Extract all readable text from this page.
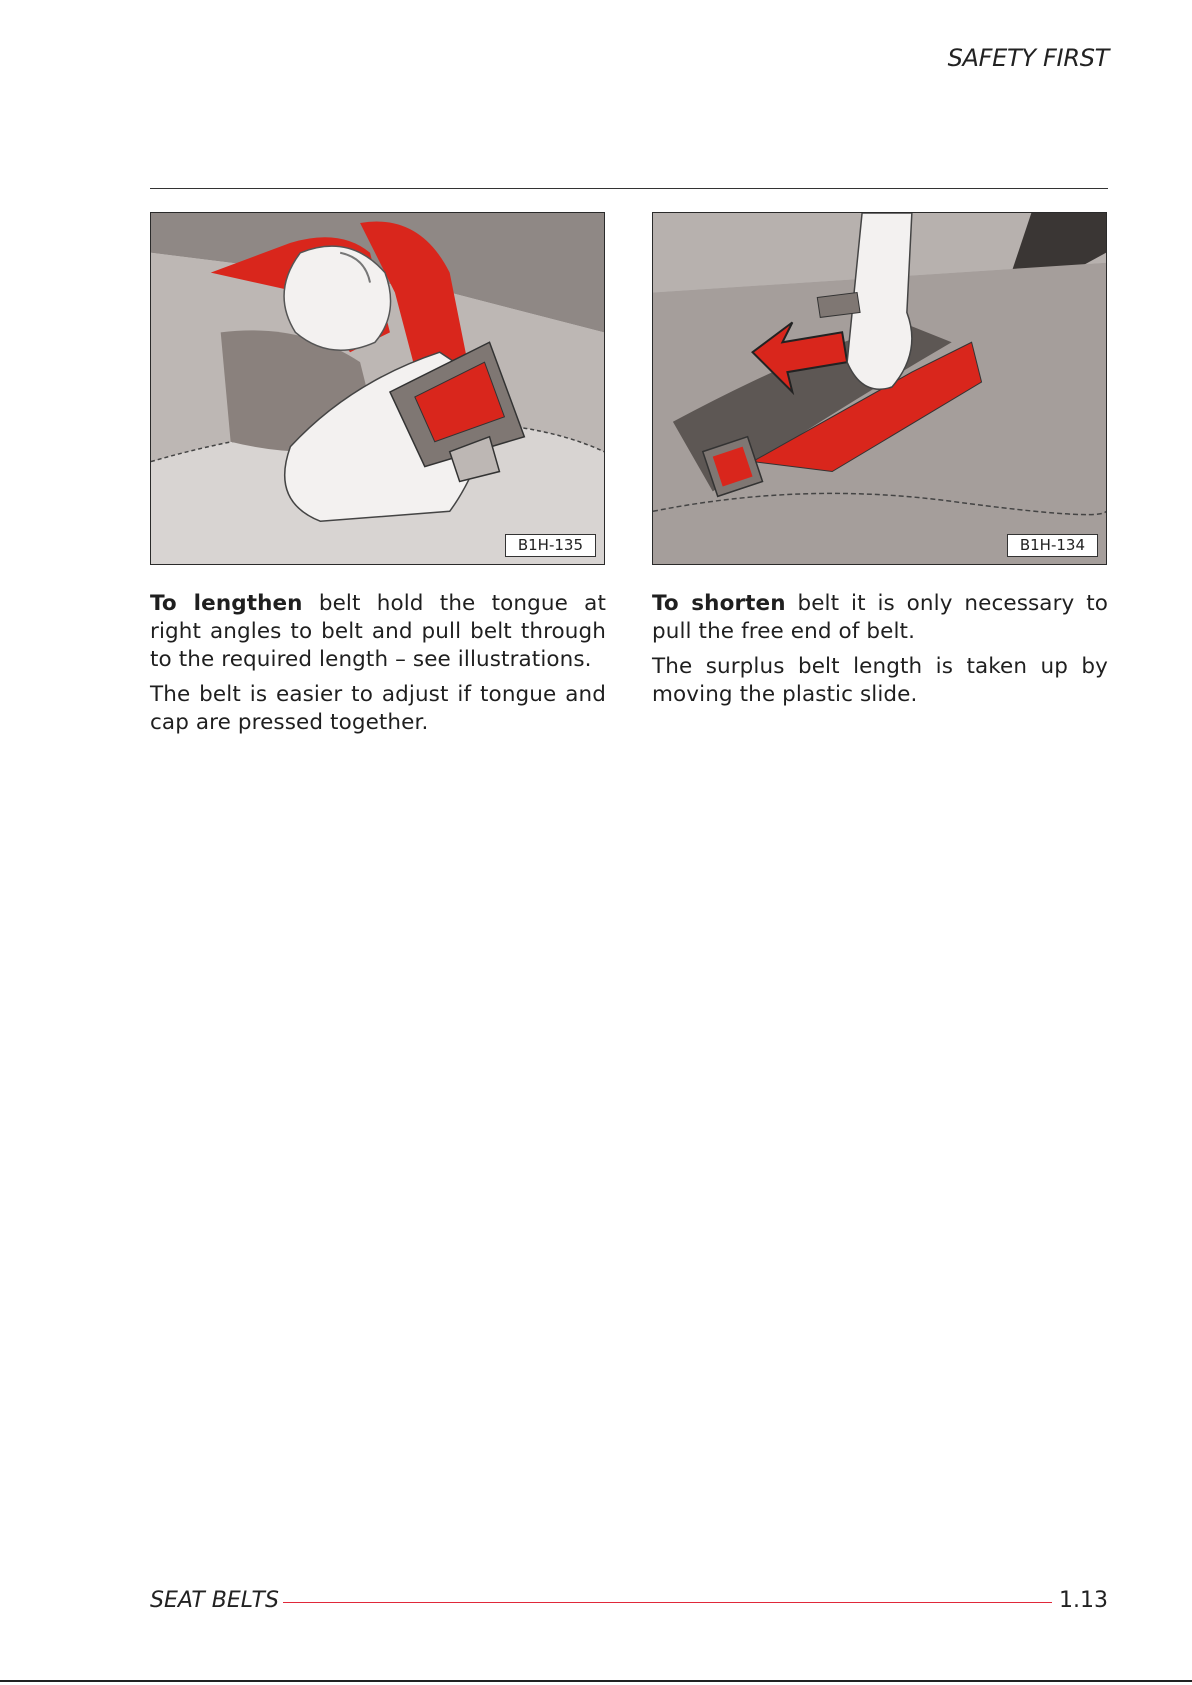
SAFETY FIRST
B1H-135	B1H-134

To lengthen belt hold the tongue at right angles to belt and pull belt through to the required length – see illustrations.

The belt is easier to adjust if tongue and cap are pressed together.

To shorten belt it is only necessary to pull the free end of belt.

The surplus belt length is taken up by moving the plastic slide.

SEAT BELTS	1.13
